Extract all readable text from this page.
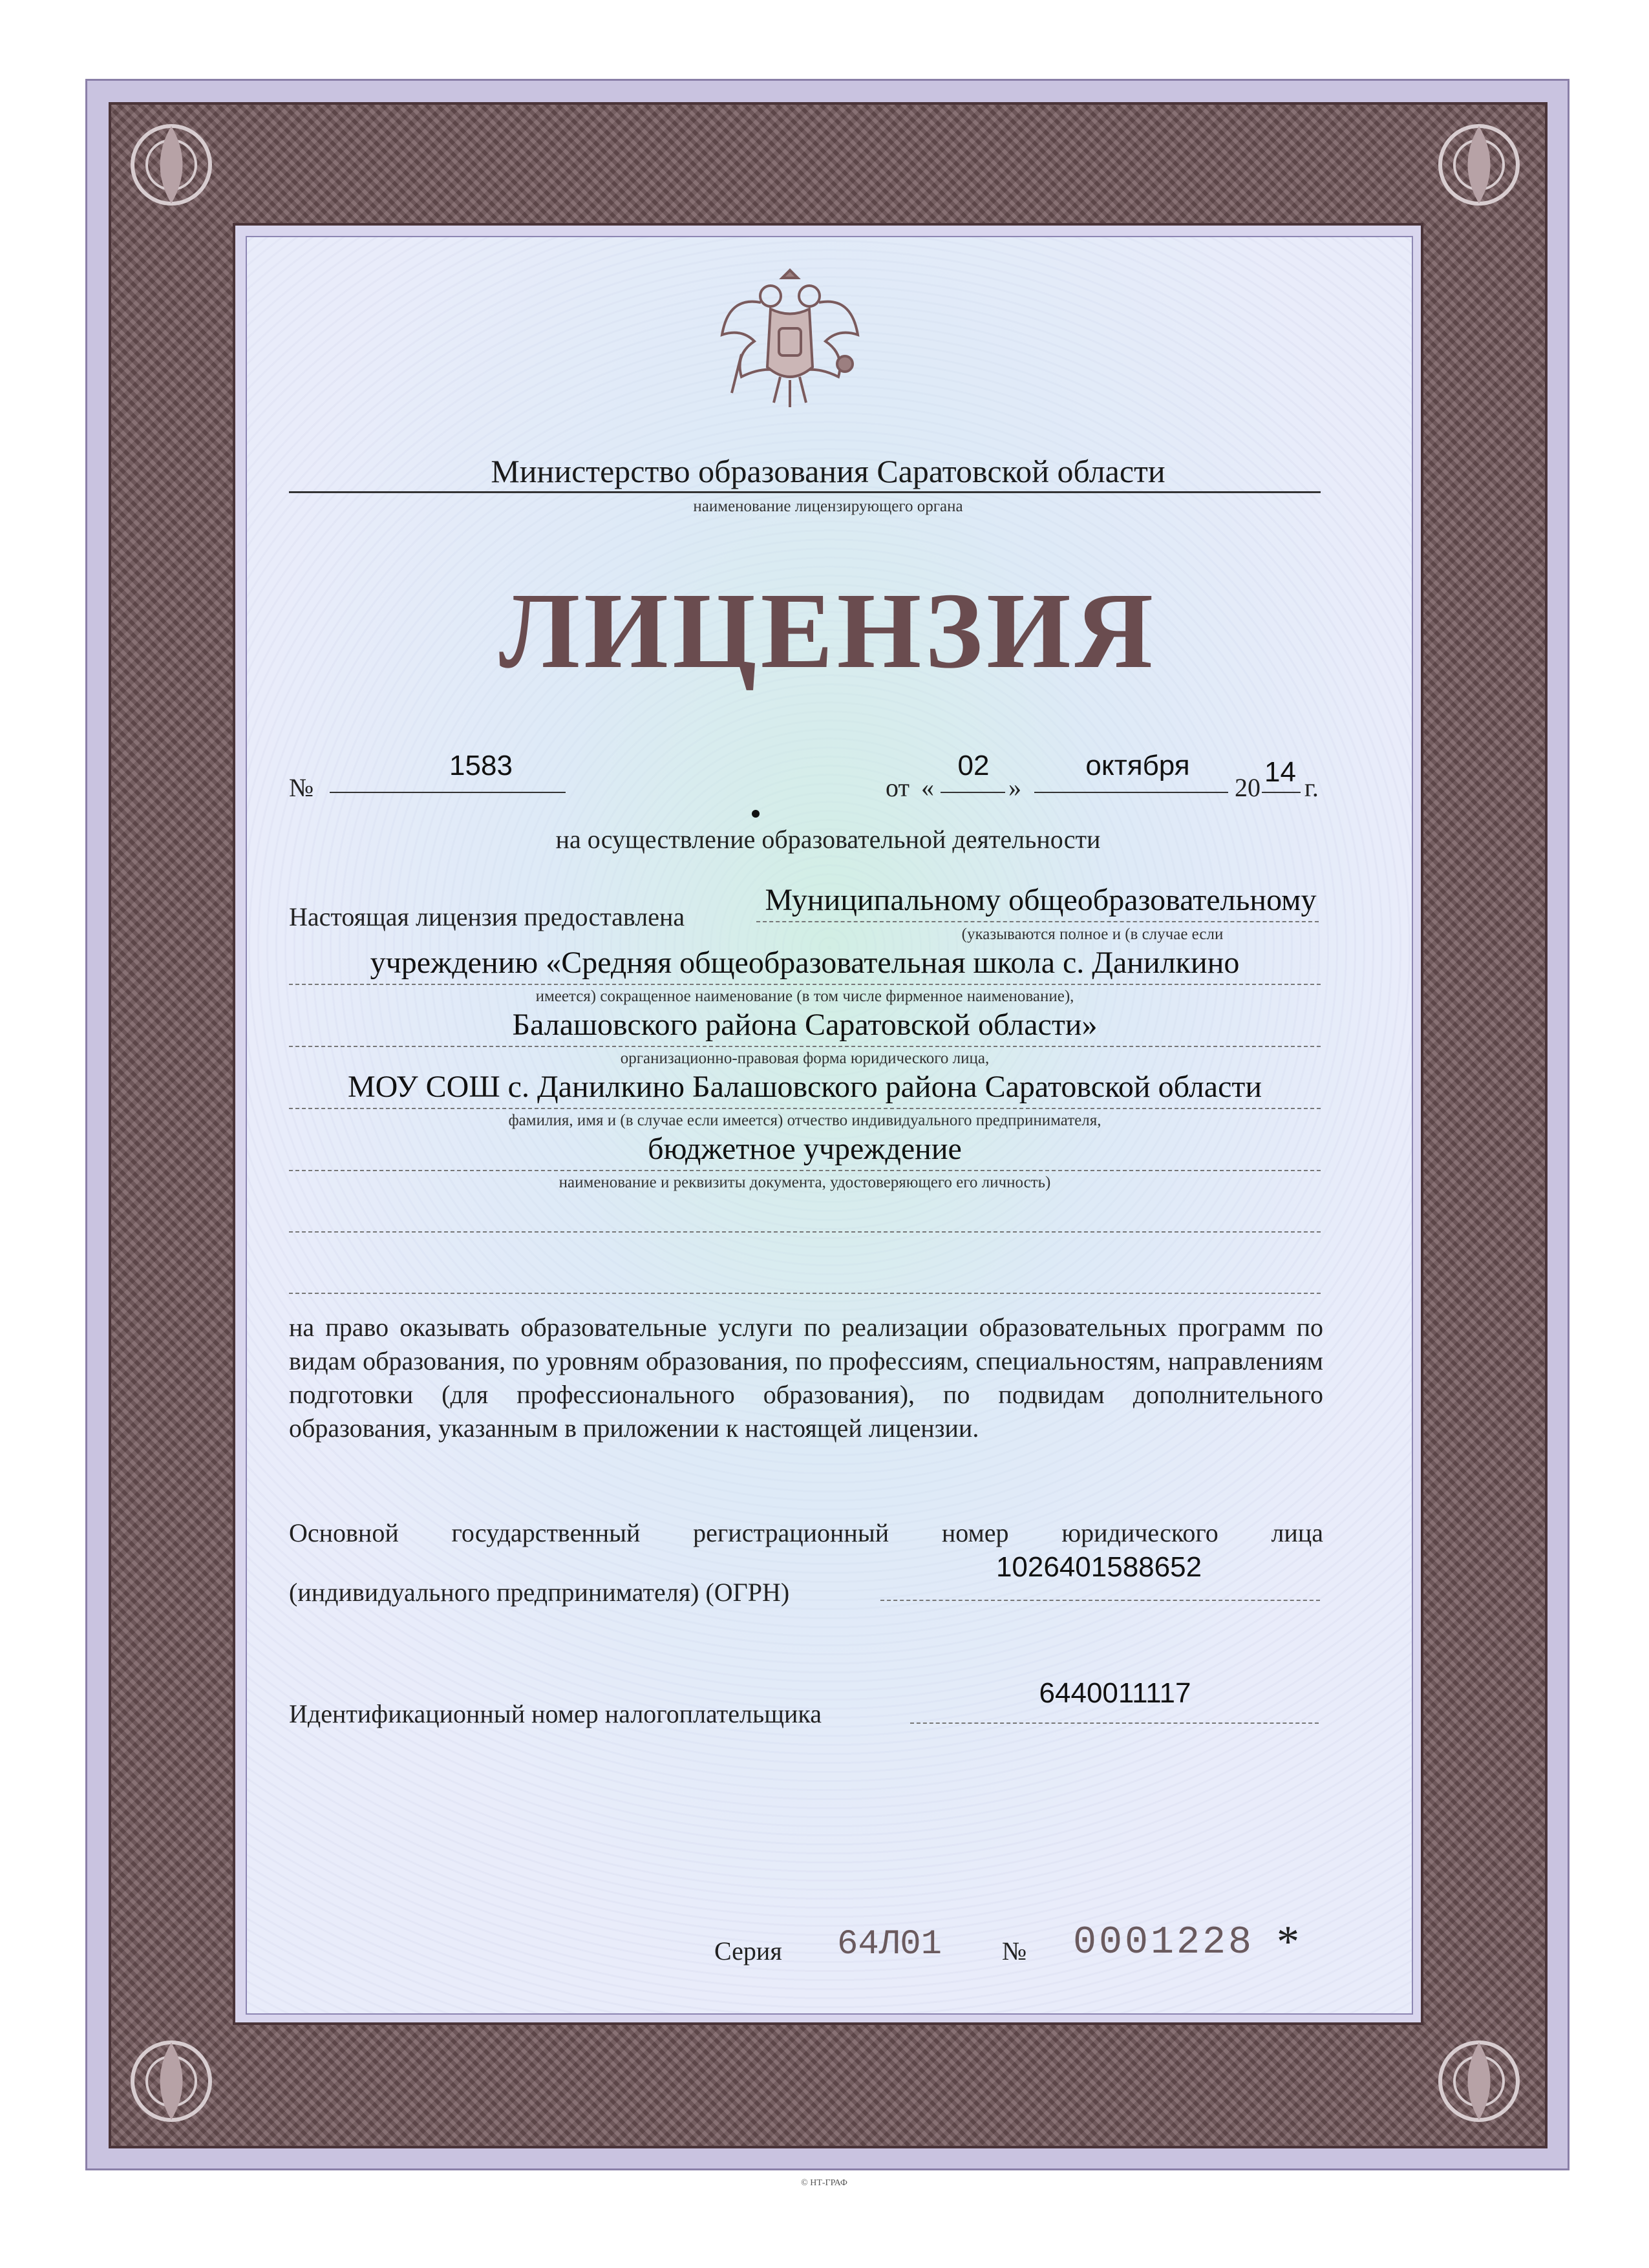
Министерство образования Саратовской области
наименование лицензирующего органа
ЛИЦЕНЗИЯ
№
1583
от «
02
»
октября
20 14 г.
на осуществление образовательной деятельности
Настоящая лицензия предоставлена	Муниципальному общеобразовательному
(указываются полное и (в случае если
учреждению «Средняя общеобразовательная школа с. Данилкино
имеется) сокращенное наименование (в том числе фирменное наименование),
Балашовского района Саратовской области»
организационно-правовая форма юридического лица,
МОУ СОШ с. Данилкино Балашовского района Саратовской области
фамилия, имя и (в случае если имеется) отчество индивидуального предпринимателя,
бюджетное учреждение
наименование и реквизиты документа, удостоверяющего его личность)
на право оказывать образовательные услуги по реализации образовательных программ по видам образования, по уровням образования, по профессиям, специальностям, направлениям подготовки (для профессионального образования), по подвидам дополнительного образования, указанным в приложении к настоящей лицензии.
Основной государственный регистрационный номер юридического лица
(индивидуального предпринимателя) (ОГРН)
1026401588652
Идентификационный номер налогоплательщика
6440011117
Серия 64Л01 № 0001228 *
© НТ-ГРАФ
